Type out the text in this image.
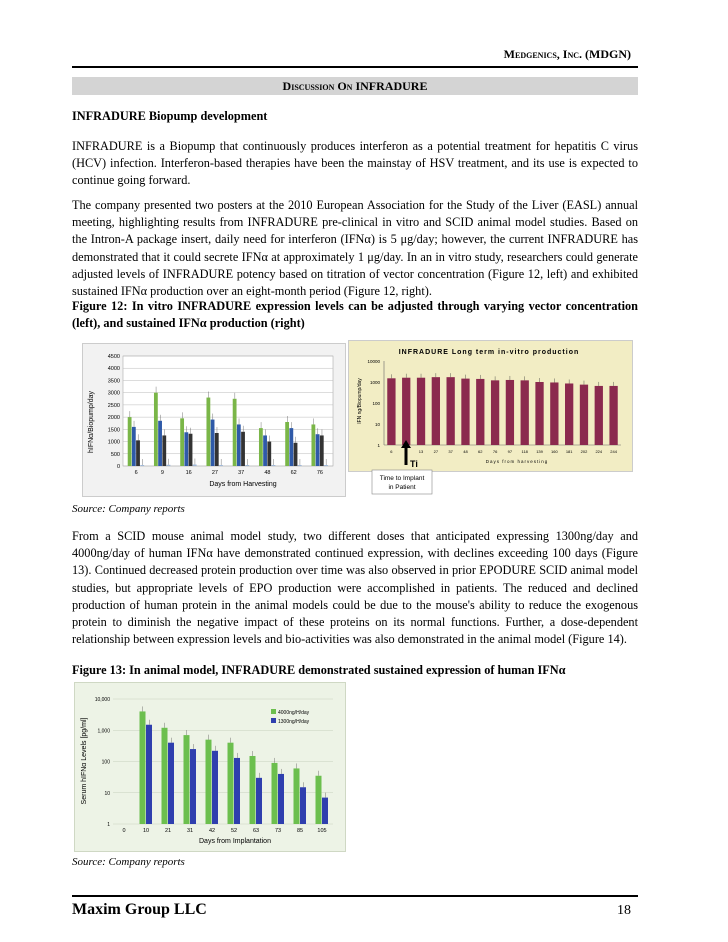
Medgenics, Inc. (MDGN)
Discussion On INFRADURE
INFRADURE Biopump development
INFRADURE is a Biopump that continuously produces interferon as a potential treatment for hepatitis C virus (HCV) infection. Interferon-based therapies have been the mainstay of HSV treatment, and its use is expected to continue going forward.
The company presented two posters at the 2010 European Association for the Study of the Liver (EASL) annual meeting, highlighting results from INFRADURE pre-clinical in vitro and SCID animal model studies. Based on the Intron-A package insert, daily need for interferon (IFNα) is 5 μg/day; however, the current INFRADURE has demonstrated that it could secrete IFNα at approximately 1 μg/day. In an in vitro study, researchers could generate adjusted levels of INFRADURE potency based on titration of vector concentration (Figure 12, left) and exhibited sustained IFNα production over an eight-month period (Figure 12, right).
Figure 12: In vitro INFRADURE expression levels can be adjusted through varying vector concentration (left), and sustained IFNα production (right)
hIFNα/Biopump/day
Days from Harvesting
0
500
1000
1500
2000
2500
3000
3500
4000
4500
6	9	16	27	37	48	62	76
INFRADURE Long term in-vitro production
IFN ng/Biopump/day
Days from harvesting
1
10
100
1000
10000
6	13	27	37	48	62	76	97 118 139 160 181 202 224 244
Ti
Time to Implant
in Patient
Source: Company reports
From a SCID mouse animal model study, two different doses that anticipated expressing 1300ng/day and 4000ng/day of human IFNα have demonstrated continued expression, with declines exceeding 100 days (Figure 13). Continued decreased protein production over time was also observed in prior EPODURE SCID animal model studies, but appropriate levels of EPO production were accomplished in patients. The reduced and declined production of human protein in the animal models could be due to the mouse's ability to reduce the exogenous protein to diminish the negative impact of these proteins on its normal functions. Further, a dose-dependent relationship between expression levels and bio-activities was also demonstrated in the animal model (Figure 14).
Figure 13: In animal model, INFRADURE demonstrated sustained expression of human IFNα
Serum hIFNα Levels [pg/ml]
Days from Implantation
1
10
100
1,000
10,000
0	10	21	31	42	52	63	73	85	105
4000ng/H/day
1300ng/H/day
Source: Company reports
Maxim Group LLC	18
